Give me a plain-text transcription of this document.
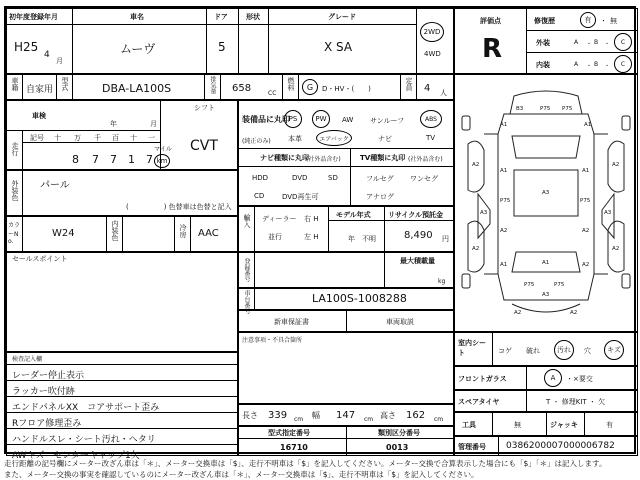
初年度登録年月
H25
4
月
車名
ムーヴ
ドア
5
形状	グレード
X SA
2WD
4WD
車籍 自家用 型式	DBA-LA100S	排気量 658	CC
燃料 G D・HV・(　　)	定員 4 人
車検
年	月
シフト
CVT
走行
記号 十 万 千 百 十 一
8 7 7 1 7
マイル
km
装備品に丸印
(純正のみ)
PS	PW AW サンルーフ	ABS
本革	エアバック	ナビ	TV
ナビ種類に丸印
(社外品含む)
HDD	DVD	SD
CD	DVD再生可
TV種類に丸印 (社外品含む)
フルセグ ワンセグ
アナログ
外装色 パール
(　　　　　) 色替車は色替と記入
カラーNo.
W24	内装色	冷房 AAC
輸入 ディーラー 右 H
並行	左 H
モデル年式
年　不明
リサイクル預託金
8,490 円
セールスポイント	登録番号	最大積載量
kg
車台番号	LA100S-1008288
新車保証書	車両取説
注意事項・不具合箇所
検査記入欄
レーダー停止表示
ラッカー吹付跡
エンドパネルXX　コアサポート歪み
Rフロア修理歪み
ハンドルスレ・シート汚れ・ヘタリ
AWキズ　センターキャップ1欠
長さ 339 cm 幅 147 cm 高さ 162 cm
型式指定番号
16710
類別区分番号
0013
評価点
R
修復歴	有 ・ 無
外装	A ・ B ・ C
内装	A ・ B ・ C
B3	P75 P75
A1	A1
A2	A2
A3	A3
A1	A1
P75	P75
A2	A2
A3
A2	A2
A1	A2
A1
P75	P75
A3
A2	A2
室内シート	コゲ 破れ 汚れ 穴 キズ
フロントガラス	A ・×要交
スペアタイヤ	T ・ 修理KIT ・ 欠
工具	無	ジャッキ	有
管理番号 0386200007000006782
走行距離の記号欄にメーター改ざん車は「＊」、メーター交換車は「$」、走行不明車は「$」を記入してください。メーター交換で合算表示した場合にも「$」「＊」は記入します。
また、メーター交換の事実を確認しているのにメーター改ざん車は「＊」、メーター交換車は「$」、走行不明車は「$」を記入してください。
